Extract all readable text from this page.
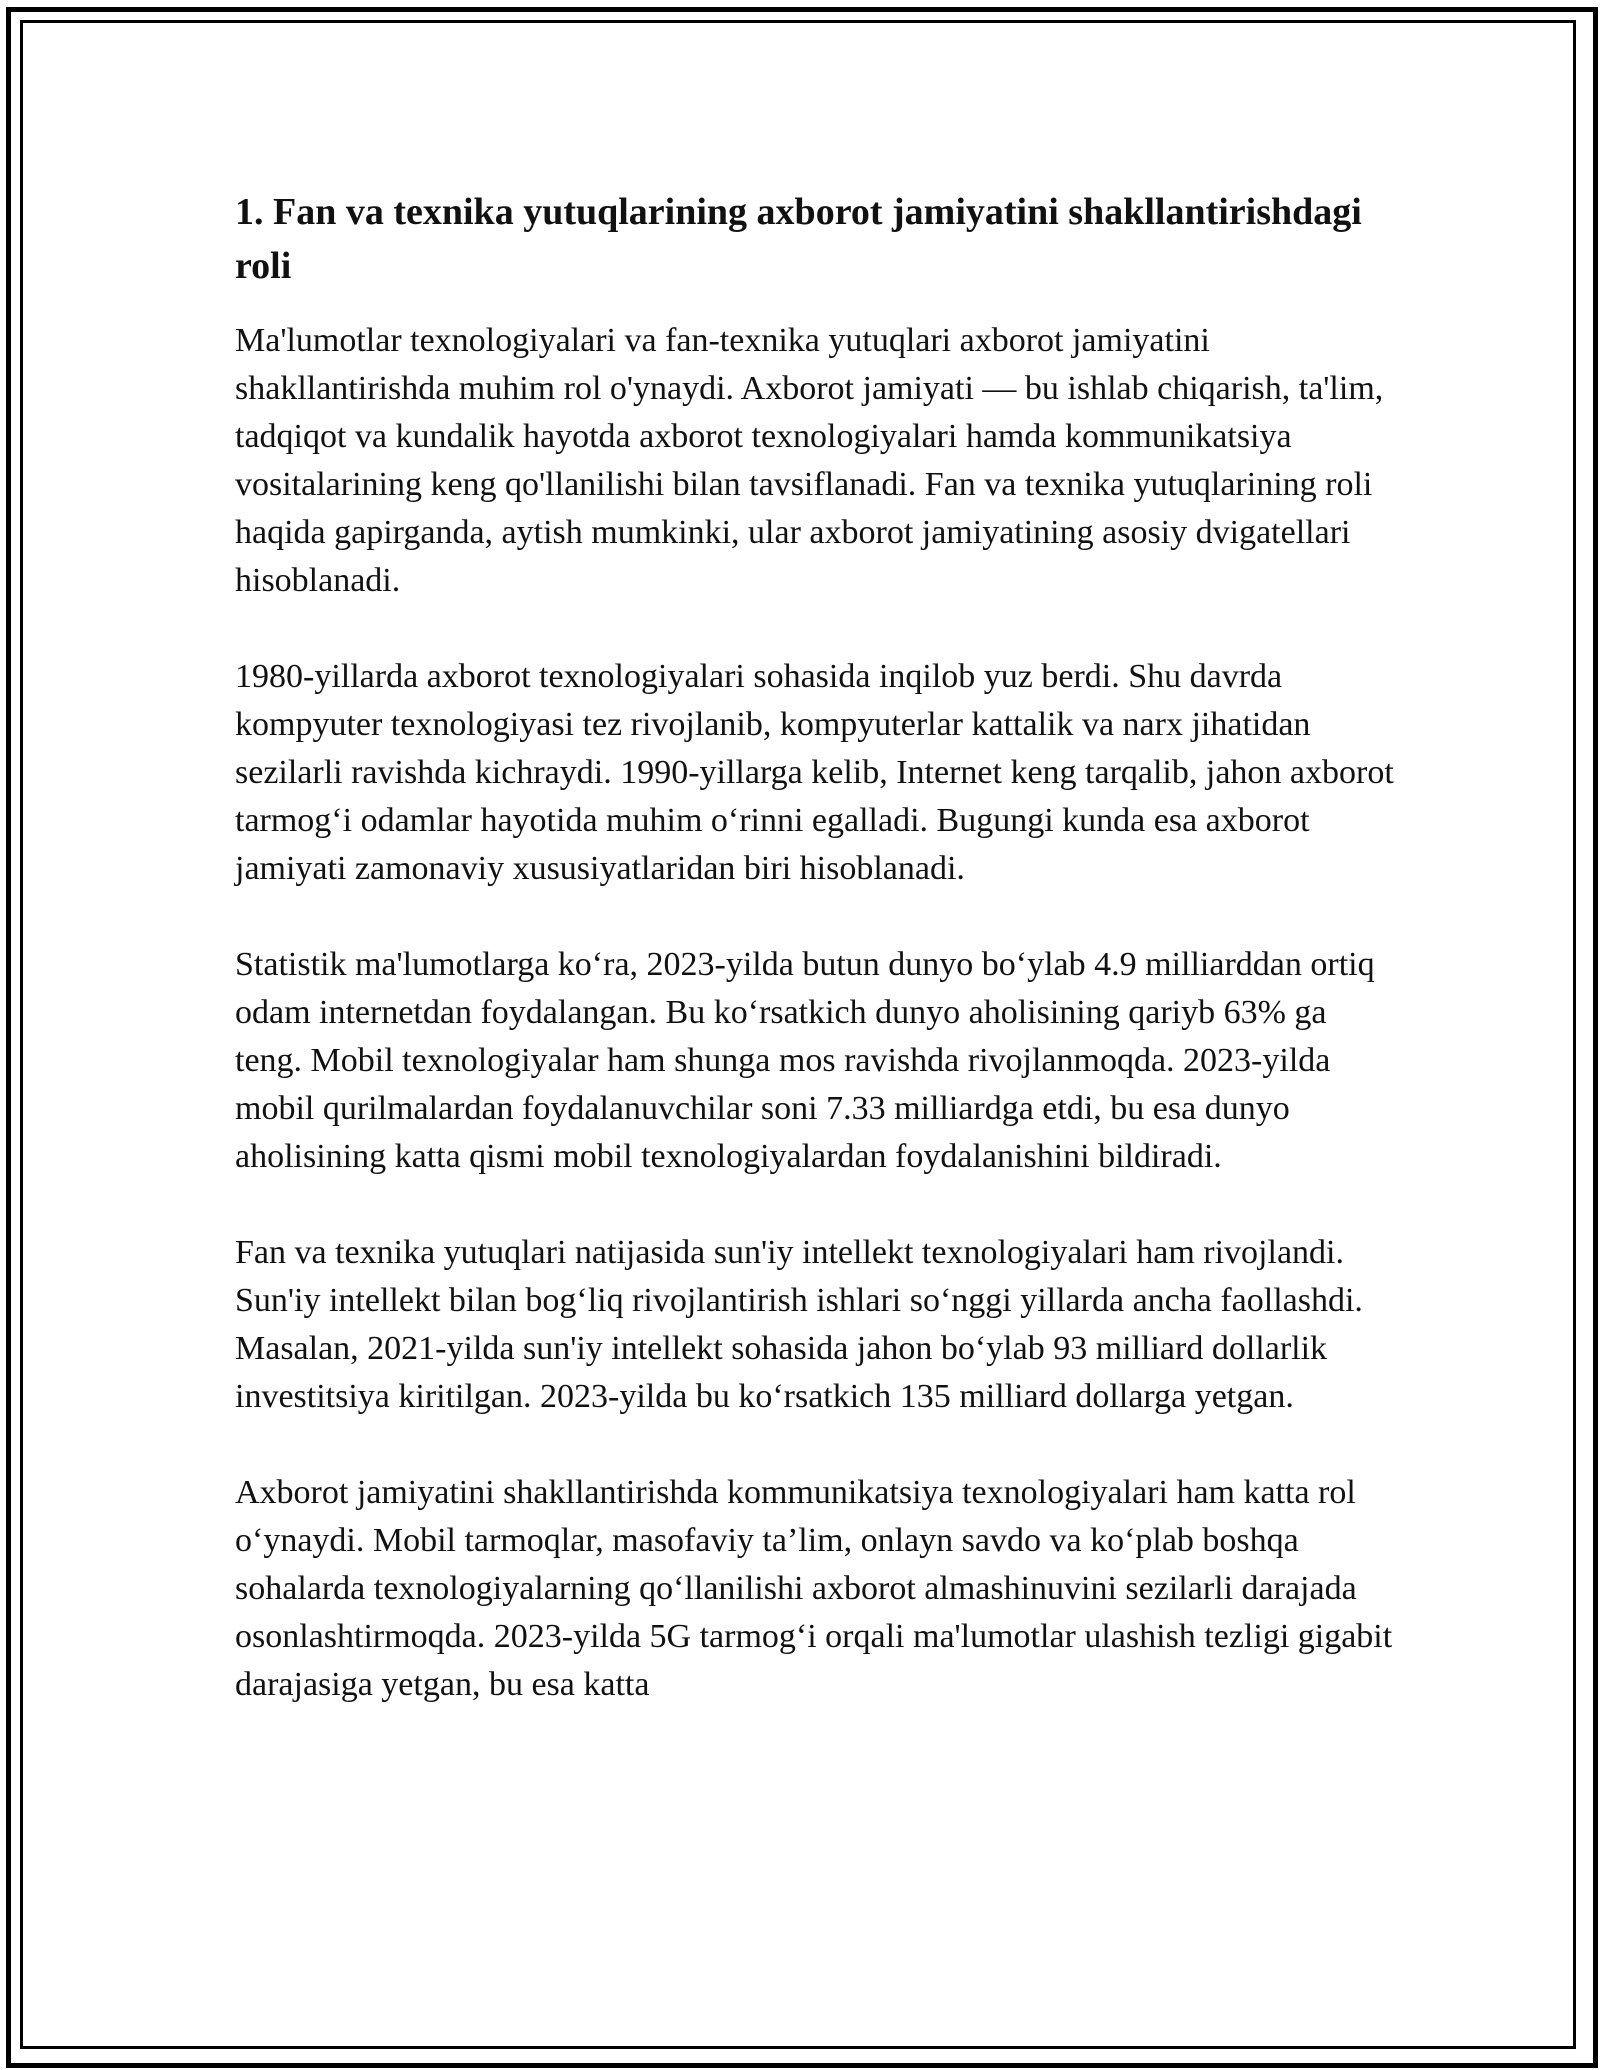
1. Fan va texnika yutuqlarining axborot jamiyatini shakllantirishdagi roli

Ma'lumotlar texnologiyalari va fan-texnika yutuqlari axborot jamiyatini shakllantirishda muhim rol o'ynaydi. Axborot jamiyati — bu ishlab chiqarish, ta'lim, tadqiqot va kundalik hayotda axborot texnologiyalari hamda kommunikatsiya vositalarining keng qo'llanilishi bilan tavsiflanadi. Fan va texnika yutuqlarining roli haqida gapirganda, aytish mumkinki, ular axborot jamiyatining asosiy dvigatellari hisoblanadi.

1980-yillarda axborot texnologiyalari sohasida inqilob yuz berdi. Shu davrda kompyuter texnologiyasi tez rivojlanib, kompyuterlar kattalik va narx jihatidan sezilarli ravishda kichraydi. 1990-yillarga kelib, Internet keng tarqalib, jahon axborot tarmog‘i odamlar hayotida muhim o‘rinni egalladi. Bugungi kunda esa axborot jamiyati zamonaviy xususiyatlaridan biri hisoblanadi.

Statistik ma'lumotlarga ko‘ra, 2023-yilda butun dunyo bo‘ylab 4.9 milliarddan ortiq odam internetdan foydalangan. Bu ko‘rsatkich dunyo aholisining qariyb 63% ga teng. Mobil texnologiyalar ham shunga mos ravishda rivojlanmoqda. 2023-yilda mobil qurilmalardan foydalanuvchilar soni 7.33 milliardga etdi, bu esa dunyo aholisining katta qismi mobil texnologiyalardan foydalanishini bildiradi.

Fan va texnika yutuqlari natijasida sun'iy intellekt texnologiyalari ham rivojlandi. Sun'iy intellekt bilan bog‘liq rivojlantirish ishlari so‘nggi yillarda ancha faollashdi. Masalan, 2021-yilda sun'iy intellekt sohasida jahon bo‘ylab 93 milliard dollarlik investitsiya kiritilgan. 2023-yilda bu ko‘rsatkich 135 milliard dollarga yetgan.

Axborot jamiyatini shakllantirishda kommunikatsiya texnologiyalari ham katta rol o‘ynaydi. Mobil tarmoqlar, masofaviy ta’lim, onlayn savdo va ko‘plab boshqa sohalarda texnologiyalarning qo‘llanilishi axborot almashinuvini sezilarli darajada osonlashtirmoqda. 2023-yilda 5G tarmog‘i orqali ma'lumotlar ulashish tezligi gigabit darajasiga yetgan, bu esa katta
